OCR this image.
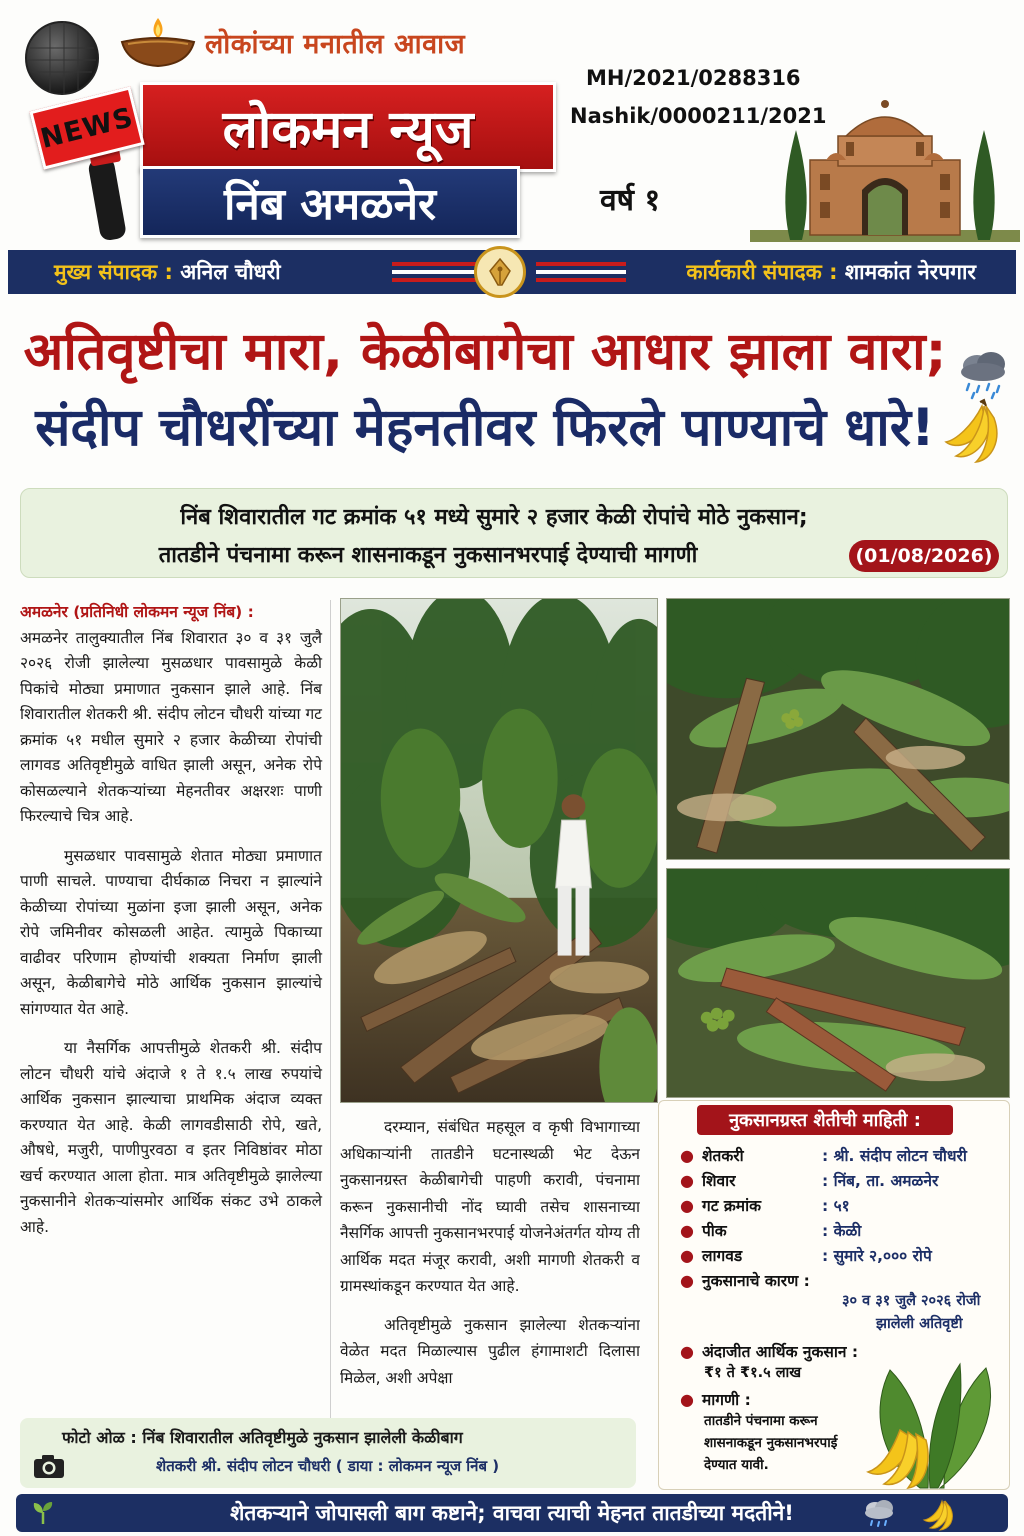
लोकांच्या मनातील आवाज
लोकमन न्यूज
NEWS
निंब अमळनेर
MH/2021/0288316
Nashik/0000211/2021
वर्ष १
मुख्य संपादक :
अनिल चौधरी	कार्यकारी संपादक :
शामकांत नेरपगार
अतिवृष्टीचा मारा, केळीबागेचा आधार झाला वारा;
संदीप चौधरींच्या मेहनतीवर फिरले पाण्याचे धारे!
निंब शिवारातील गट क्रमांक ५१ मध्ये सुमारे २ हजार केळी रोपांचे मोठे नुकसान;
तातडीने पंचनामा करून शासनाकडून नुकसानभरपाई देण्याची मागणी	(01/08/2026)

अमळनेर (प्रतिनिधी लोकमन न्यूज निंब) :
अमळनेर तालुक्यातील निंब शिवारात ३० व ३१ जुलै २०२६ रोजी झालेल्या मुसळधार पावसामुळे केळी पिकांचे मोठ्या प्रमाणात नुकसान झाले आहे. निंब शिवारातील शेतकरी श्री. संदीप लोटन चौधरी यांच्या गट क्रमांक ५१ मधील सुमारे २ हजार केळीच्या रोपांची लागवड अतिवृष्टीमुळे वाधित झाली असून, अनेक रोपे कोसळल्याने शेतकऱ्यांच्या मेहनतीवर अक्षरशः पाणी फिरल्याचे चित्र आहे.

मुसळधार पावसामुळे शेतात मोठ्या प्रमाणात पाणी साचले. पाण्याचा दीर्घकाळ निचरा न झाल्यांने केळीच्या रोपांच्या मुळांना इजा झाली असून, अनेक रोपे जमिनीवर कोसळली आहेत. त्यामुळे पिकाच्या वाढीवर परिणाम होण्यांची शक्यता निर्माण झाली असून, केळीबागेचे मोठे आर्थिक नुकसान झाल्यांचे सांगण्यात येत आहे.

या नैसर्गिक आपत्तीमुळे शेतकरी श्री. संदीप लोटन चौधरी यांचे अंदाजे १ ते १.५ लाख रुपयांचे आर्थिक नुकसान झाल्याचा प्राथमिक अंदाज व्यक्त करण्यात येत आहे. केळी लागवडीसाठी रोपे, खते, औषधे, मजुरी, पाणीपुरवठा व इतर निविष्ठांवर मोठा खर्च करण्यात आला होता. मात्र अतिवृष्टीमुळे झालेल्या नुकसानीने शेतकऱ्यांसमोर आर्थिक संकट उभे ठाकले आहे.

दरम्यान, संबंधित महसूल व कृषी विभागाच्या अधिकाऱ्यांनी तातडीने घटनास्थळी भेट देऊन नुकसानग्रस्त केळीबागेची पाहणी करावी, पंचनामा करून नुकसानीची नोंद घ्यावी तसेच शासनाच्या नैसर्गिक आपत्ती नुकसानभरपाई योजनेअंतर्गत योग्य ती आर्थिक मदत मंजूर करावी, अशी मागणी शेतकरी व ग्रामस्थांकडून करण्यात येत आहे.

अतिवृष्टीमुळे नुकसान झालेल्या शेतकऱ्यांना वेळेत मदत मिळाल्यास पुढील हंगामाशटी दिलासा मिळेल, अशी अपेक्षा

नुकसानग्रस्त शेतीची माहिती :
● शेतकरी	: श्री. संदीप लोटन चौधरी
● शिवार	: निंब, ता. अमळनेर
● गट क्रमांक	: ५१
● पीक	: केळी
● लागवड	: सुमारे २,००० रोपे
● नुकसानाचे कारण :
३० व ३१ जुलै २०२६ रोजी
झालेली अतिवृष्टी
● अंदाजीत आर्थिक नुकसान :
₹१ ते ₹१.५ लाख
● मागणी :
तातडीने पंचनामा करून
शासनाकडून नुकसानभरपाई
देण्यात यावी.
फोटो ओळ : निंब शिवारातील अतिवृष्टीमुळे नुकसान झालेली केळीबाग
शेतकरी श्री. संदीप लोटन चौधरी ( डाया : लोकमन न्यूज निंब )
शेतकऱ्याने जोपासली बाग कष्टाने; वाचवा त्याची मेहनत तातडीच्या मदतीने!
